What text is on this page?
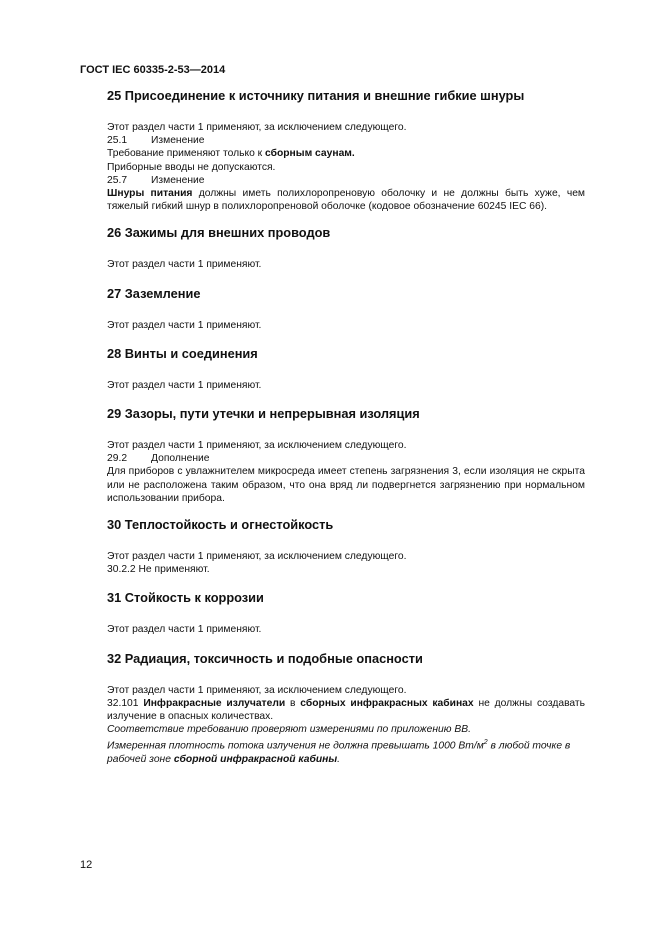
ГОСТ IEC 60335-2-53—2014
25 Присоединение к источнику питания и внешние гибкие шнуры

Этот раздел части 1 применяют, за исключением следующего.

25.1 Изменение

Требование применяют только к сборным саунам.

Приборные вводы не допускаются.

25.7 Изменение

Шнуры питания должны иметь полихлоропреновую оболочку и не должны быть хуже, чем тяжелый гибкий шнур в полихлоропреновой оболочке (кодовое обозначение 60245 IEC 66).

26 Зажимы для внешних проводов

Этот раздел части 1 применяют.

27 Заземление

Этот раздел части 1 применяют.

28 Винты и соединения

Этот раздел части 1 применяют.

29 Зазоры, пути утечки и непрерывная изоляция

Этот раздел части 1 применяют, за исключением следующего.

29.2 Дополнение

Для приборов с увлажнителем микросреда имеет степень загрязнения 3, если изоляция не скрыта или не расположена таким образом, что она вряд ли подвергнется загрязнению при нормальном использовании прибора.

30 Теплостойкость и огнестойкость

Этот раздел части 1 применяют, за исключением следующего.

30.2.2 Не применяют.

31 Стойкость к коррозии

Этот раздел части 1 применяют.

32 Радиация, токсичность и подобные опасности

Этот раздел части 1 применяют, за исключением следующего.

32.101 Инфракрасные излучатели в сборных инфракрасных кабинах не должны создавать излучение в опасных количествах.

Соответствие требованию проверяют измерениями по приложению ВВ.

Измеренная плотность потока излучения не должна превышать 1000 $Вт/м^2$ в любой точке в рабочей зоне сборной инфракрасной кабины.

12
